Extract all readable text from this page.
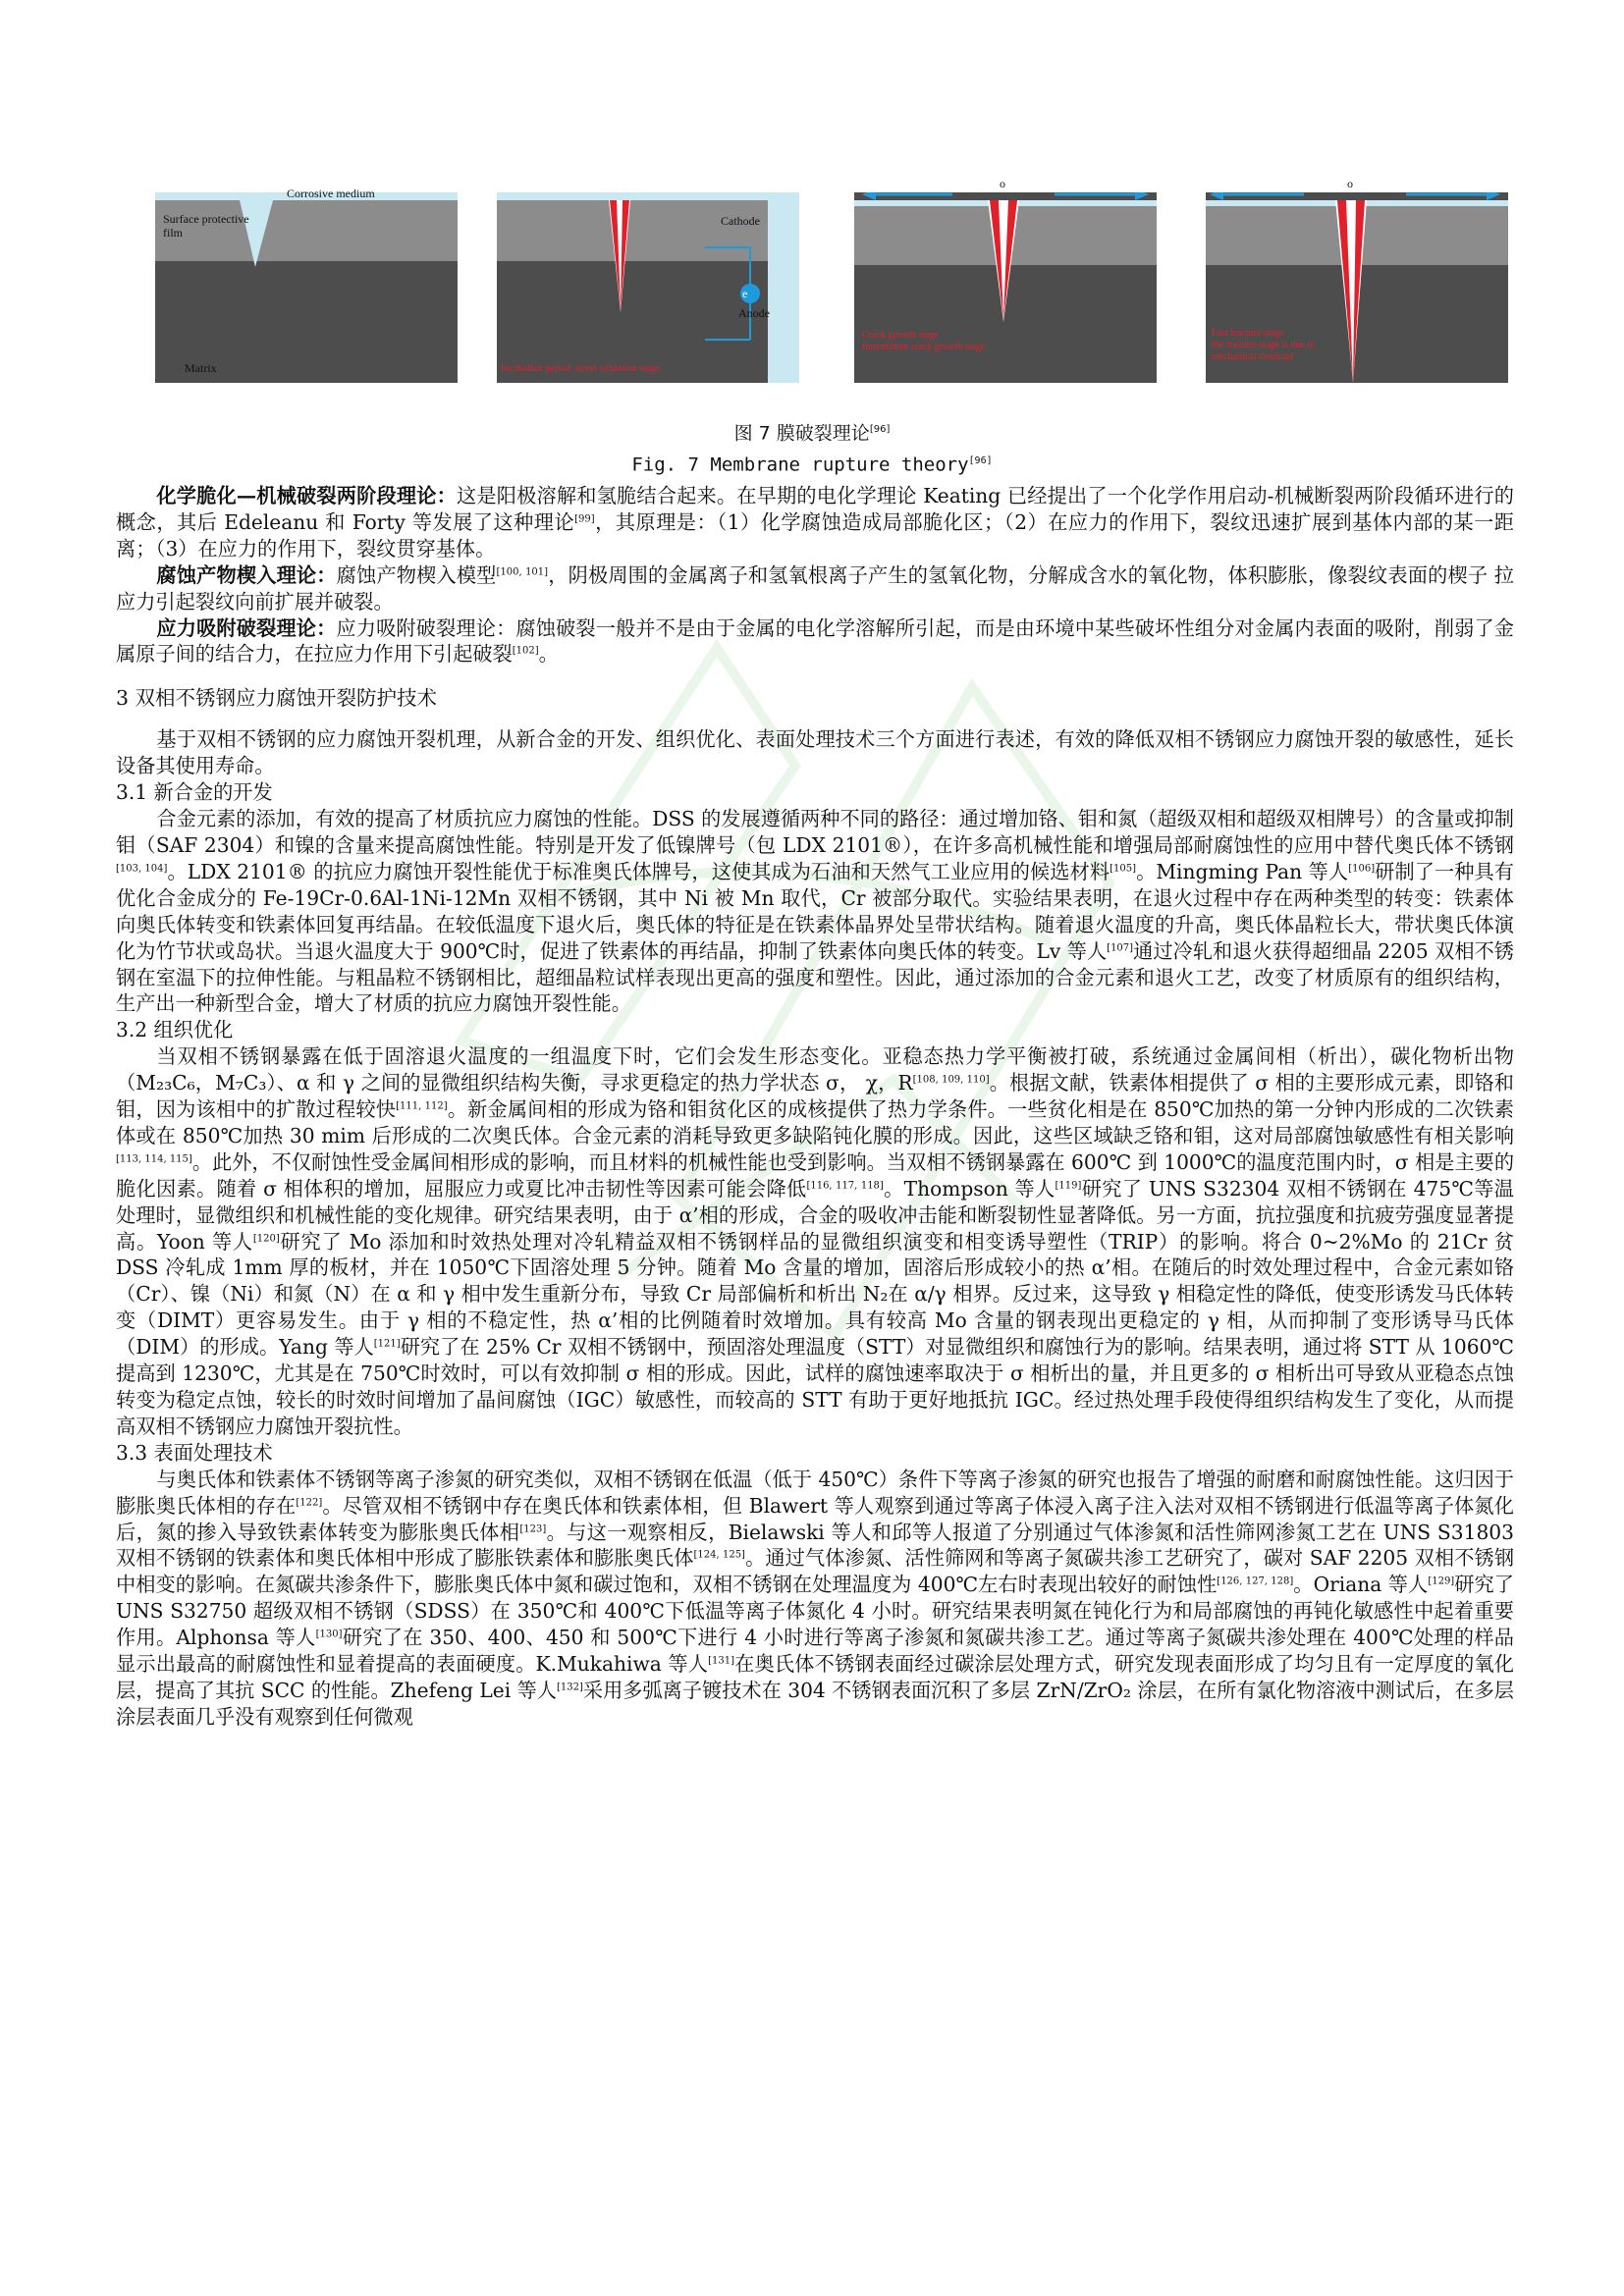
Corrosive medium
Surface protective
film
Matrix
Cathode
e
Anode
Incubation period: stress oxidation stage
o
Crack growth stage
Intermittent crack growth stage
o
Fast fracture stage
the fracture stage is due to
mechanical overload
图 7 膜破裂理论[96]
Fig. 7 Membrane rupture theory[96]

化学脆化—机械破裂两阶段理论：这是阳极溶解和氢脆结合起来。在早期的电化学理论 Keating 已经提出了一个化学作用启动-机械断裂两阶段循环进行的概念，其后 Edeleanu 和 Forty 等发展了这种理论[99]，其原理是：（1）化学腐蚀造成局部脆化区；（2）在应力的作用下，裂纹迅速扩展到基体内部的某一距离；（3）在应力的作用下，裂纹贯穿基体。

腐蚀产物楔入理论：腐蚀产物楔入模型[100, 101]，阴极周围的金属离子和氢氧根离子产生的氢氧化物，分解成含水的氧化物，体积膨胀，像裂纹表面的楔子 拉应力引起裂纹向前扩展并破裂。

应力吸附破裂理论：应力吸附破裂理论：腐蚀破裂一般并不是由于金属的电化学溶解所引起，而是由环境中某些破坏性组分对金属内表面的吸附，削弱了金属原子间的结合力，在拉应力作用下引起破裂[102]。

3 双相不锈钢应力腐蚀开裂防护技术

基于双相不锈钢的应力腐蚀开裂机理，从新合金的开发、组织优化、表面处理技术三个方面进行表述，有效的降低双相不锈钢应力腐蚀开裂的敏感性，延长设备其使用寿命。

3.1 新合金的开发

合金元素的添加，有效的提高了材质抗应力腐蚀的性能。DSS 的发展遵循两种不同的路径：通过增加铬、钼和氮（超级双相和超级双相牌号）的含量或抑制钼（SAF 2304）和镍的含量来提高腐蚀性能。特别是开发了低镍牌号（包 LDX 2101®），在许多高机械性能和增强局部耐腐蚀性的应用中替代奥氏体不锈钢[103, 104]。LDX 2101® 的抗应力腐蚀开裂性能优于标准奥氏体牌号，这使其成为石油和天然气工业应用的候选材料[105]。Mingming Pan 等人[106]研制了一种具有优化合金成分的 Fe-19Cr-0.6Al-1Ni-12Mn 双相不锈钢，其中 Ni 被 Mn 取代，Cr 被部分取代。实验结果表明，在退火过程中存在两种类型的转变：铁素体向奥氏体转变和铁素体回复再结晶。在较低温度下退火后，奥氏体的特征是在铁素体晶界处呈带状结构。随着退火温度的升高，奥氏体晶粒长大，带状奥氏体演化为竹节状或岛状。当退火温度大于 900℃时，促进了铁素体的再结晶，抑制了铁素体向奥氏体的转变。Lv 等人[107]通过冷轧和退火获得超细晶 2205 双相不锈钢在室温下的拉伸性能。与粗晶粒不锈钢相比，超细晶粒试样表现出更高的强度和塑性。因此，通过添加的合金元素和退火工艺，改变了材质原有的组织结构，生产出一种新型合金，增大了材质的抗应力腐蚀开裂性能。

3.2 组织优化

当双相不锈钢暴露在低于固溶退火温度的一组温度下时，它们会发生形态变化。亚稳态热力学平衡被打破，系统通过金属间相（析出），碳化物析出物（M₂₃C₆，M₇C₃）、α 和 γ 之间的显微组织结构失衡，寻求更稳定的热力学状态 σ， χ，R[108, 109, 110]。根据文献，铁素体相提供了 σ 相的主要形成元素，即铬和钼，因为该相中的扩散过程较快[111, 112]。新金属间相的形成为铬和钼贫化区的成核提供了热力学条件。一些贫化相是在 850℃加热的第一分钟内形成的二次铁素体或在 850℃加热 30 mim 后形成的二次奥氏体。合金元素的消耗导致更多缺陷钝化膜的形成。因此，这些区域缺乏铬和钼，这对局部腐蚀敏感性有相关影响[113, 114, 115]。此外，不仅耐蚀性受金属间相形成的影响，而且材料的机械性能也受到影响。当双相不锈钢暴露在 600℃ 到 1000℃的温度范围内时，σ 相是主要的脆化因素。随着 σ 相体积的增加，屈服应力或夏比冲击韧性等因素可能会降低[116, 117, 118]。Thompson 等人[119]研究了 UNS S32304 双相不锈钢在 475℃等温处理时，显微组织和机械性能的变化规律。研究结果表明，由于 α’相的形成，合金的吸收冲击能和断裂韧性显著降低。另一方面，抗拉强度和抗疲劳强度显著提高。Yoon 等人[120]研究了 Mo 添加和时效热处理对冷轧精益双相不锈钢样品的显微组织演变和相变诱导塑性（TRIP）的影响。将合 0~2%Mo 的 21Cr 贫 DSS 冷轧成 1mm 厚的板材，并在 1050℃下固溶处理 5 分钟。随着 Mo 含量的增加，固溶后形成较小的热 α’相。在随后的时效处理过程中，合金元素如铬（Cr）、镍（Ni）和氮（N）在 α 和 γ 相中发生重新分布，导致 Cr 局部偏析和析出 N₂在 α/γ 相界。反过来，这导致 γ 相稳定性的降低，使变形诱发马氏体转变（DIMT）更容易发生。由于 γ 相的不稳定性，热 α’相的比例随着时效增加。具有较高 Mo 含量的钢表现出更稳定的 γ 相，从而抑制了变形诱导马氏体（DIM）的形成。Yang 等人[121]研究了在 25% Cr 双相不锈钢中，预固溶处理温度（STT）对显微组织和腐蚀行为的影响。结果表明，通过将 STT 从 1060℃提高到 1230℃，尤其是在 750℃时效时，可以有效抑制 σ 相的形成。因此，试样的腐蚀速率取决于 σ 相析出的量，并且更多的 σ 相析出可导致从亚稳态点蚀转变为稳定点蚀，较长的时效时间增加了晶间腐蚀（IGC）敏感性，而较高的 STT 有助于更好地抵抗 IGC。经过热处理手段使得组织结构发生了变化，从而提高双相不锈钢应力腐蚀开裂抗性。

3.3 表面处理技术

与奥氏体和铁素体不锈钢等离子渗氮的研究类似，双相不锈钢在低温（低于 450℃）条件下等离子渗氮的研究也报告了增强的耐磨和耐腐蚀性能。这归因于膨胀奥氏体相的存在[122]。尽管双相不锈钢中存在奥氏体和铁素体相，但 Blawert 等人观察到通过等离子体浸入离子注入法对双相不锈钢进行低温等离子体氮化后，氮的掺入导致铁素体转变为膨胀奥氏体相[123]。与这一观察相反，Bielawski 等人和邱等人报道了分别通过气体渗氮和活性筛网渗氮工艺在 UNS S31803 双相不锈钢的铁素体和奥氏体相中形成了膨胀铁素体和膨胀奥氏体[124, 125]。通过气体渗氮、活性筛网和等离子氮碳共渗工艺研究了，碳对 SAF 2205 双相不锈钢中相变的影响。在氮碳共渗条件下，膨胀奥氏体中氮和碳过饱和，双相不锈钢在处理温度为 400℃左右时表现出较好的耐蚀性[126, 127, 128]。Oriana 等人[129]研究了 UNS S32750 超级双相不锈钢（SDSS）在 350℃和 400℃下低温等离子体氮化 4 小时。研究结果表明氮在钝化行为和局部腐蚀的再钝化敏感性中起着重要作用。Alphonsa 等人[130]研究了在 350、400、450 和 500℃下进行 4 小时进行等离子渗氮和氮碳共渗工艺。通过等离子氮碳共渗处理在 400℃处理的样品显示出最高的耐腐蚀性和显着提高的表面硬度。K.Mukahiwa 等人[131]在奥氏体不锈钢表面经过碳涂层处理方式，研究发现表面形成了均匀且有一定厚度的氧化层，提高了其抗 SCC 的性能。Zhefeng Lei 等人[132]采用多弧离子镀技术在 304 不锈钢表面沉积了多层 ZrN/ZrO₂ 涂层，在所有氯化物溶液中测试后，在多层涂层表面几乎没有观察到任何微观
